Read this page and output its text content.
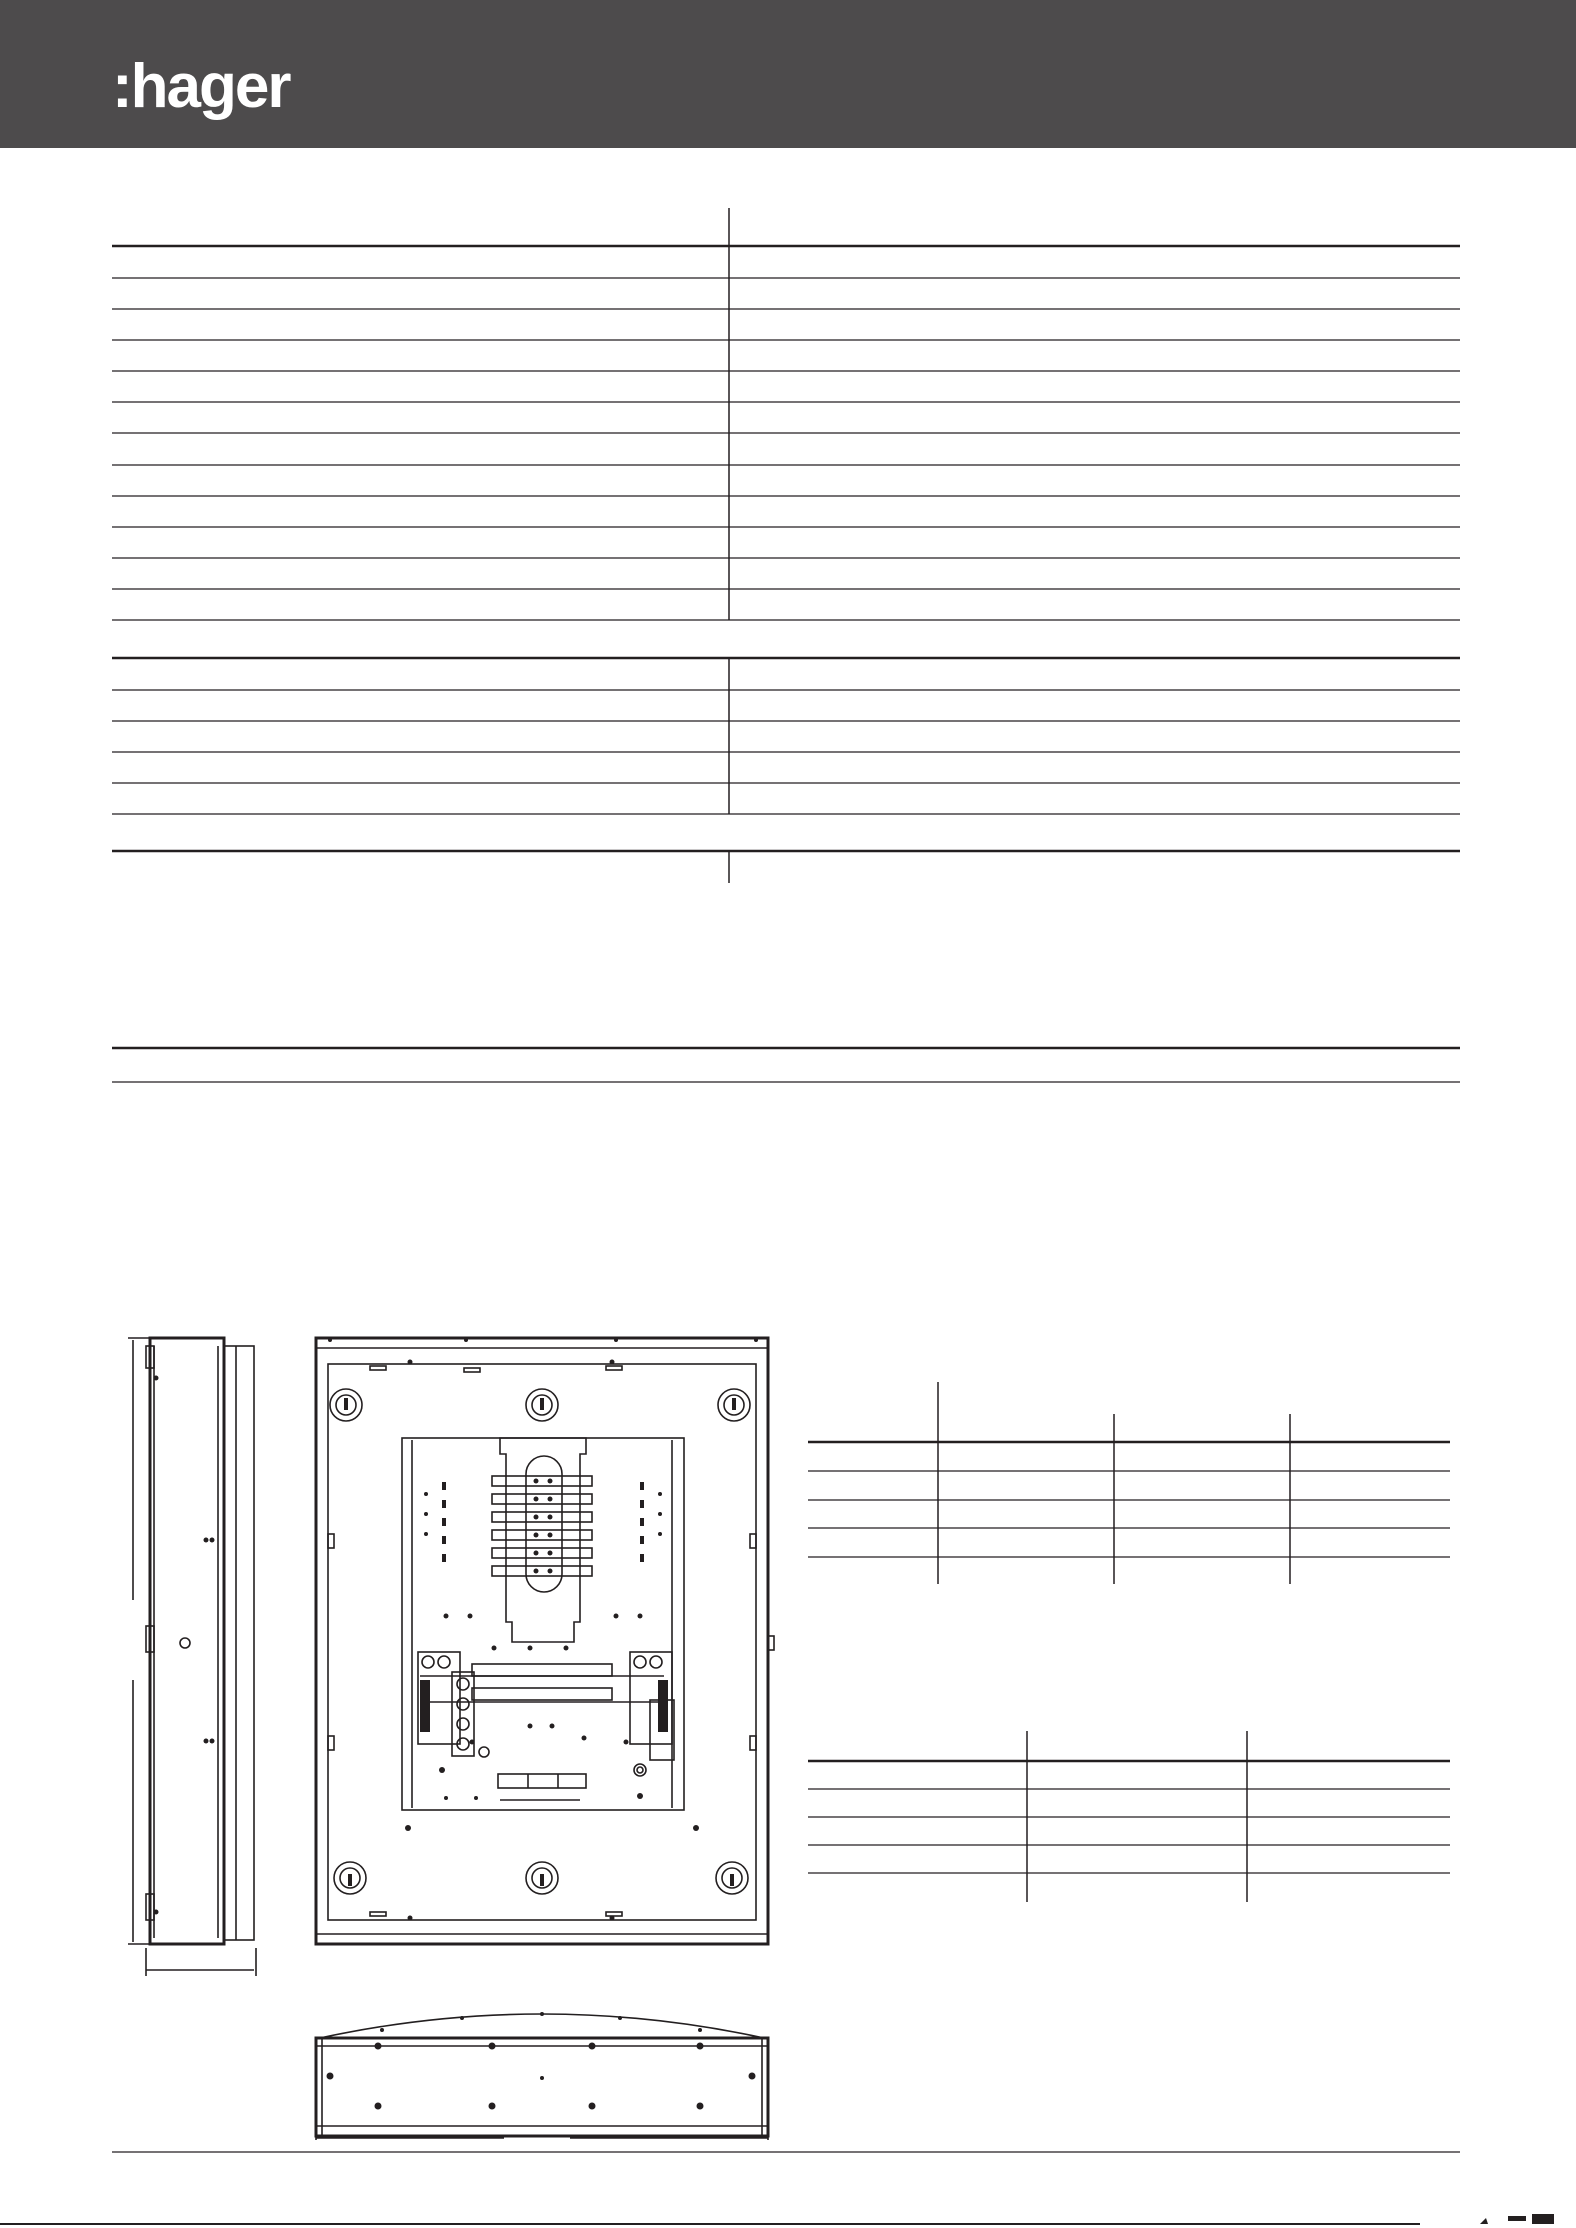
:hager
